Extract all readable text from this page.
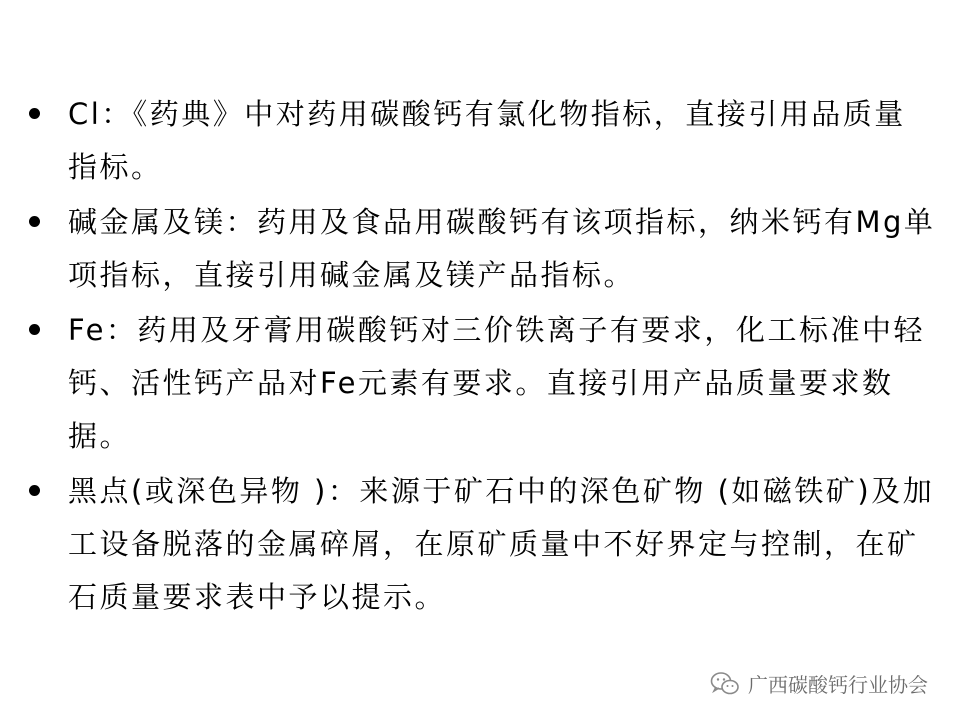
Cl：《药典》中对药用碳酸钙有氯化物指标，直接引用品质量指标。
碱金属及镁：药用及食品用碳酸钙有该项指标，纳米钙有Mg单项指标，直接引用碱金属及镁产品指标。
Fe：药用及牙膏用碳酸钙对三价铁离子有要求，化工标准中轻钙、活性钙产品对Fe元素有要求。直接引用产品质量要求数据。
黑点(或深色异物 )：来源于矿石中的深色矿物 (如磁铁矿)及加工设备脱落的金属碎屑，在原矿质量中不好界定与控制，在矿石质量要求表中予以提示。
广西碳酸钙行业协会
